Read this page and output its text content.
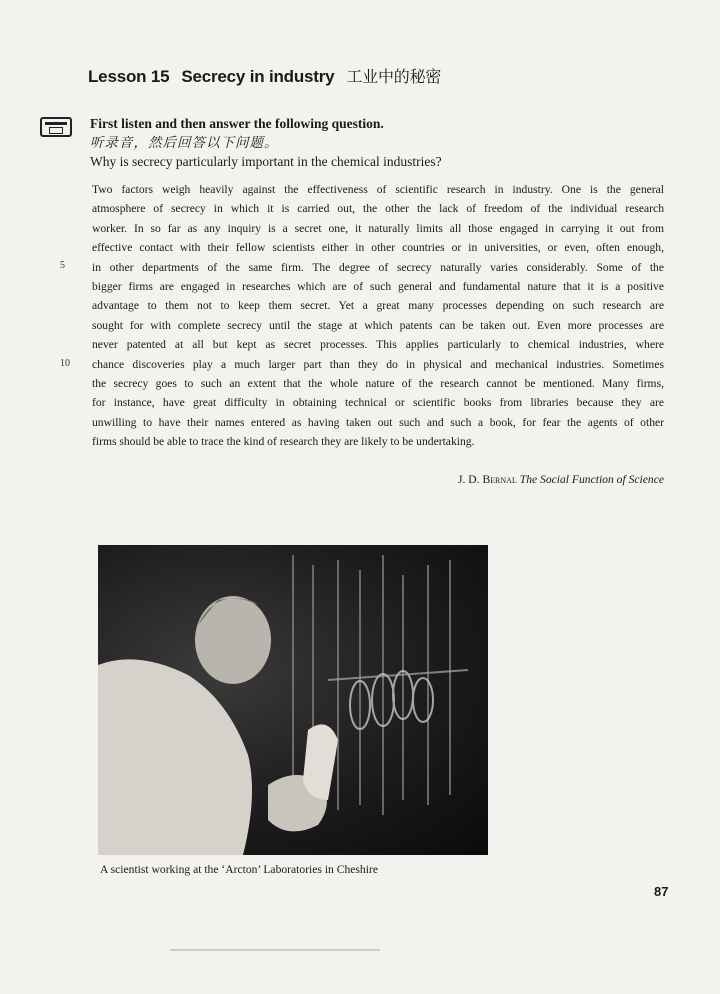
Lesson 15 Secrecy in industry 工业中的秘密
First listen and then answer the following question.
听录音，然后回答以下问题。
Why is secrecy particularly important in the chemical industries?
Two factors weigh heavily against the effectiveness of scientific research in industry. One is the general
atmosphere of secrecy in which it is carried out, the other the lack of freedom of the individual research
worker. In so far as any inquiry is a secret one, it naturally limits all those engaged in carrying it out from
effective contact with their fellow scientists either in other countries or in universities, or even, often enough,
in other departments of the same firm. The degree of secrecy naturally varies considerably. Some of the
bigger firms are engaged in researches which are of such general and fundamental nature that it is a positive
advantage to them not to keep them secret. Yet a great many processes depending on such research are
sought for with complete secrecy until the stage at which patents can be taken out. Even more processes are
never patented at all but kept as secret processes. This applies particularly to chemical industries, where
chance discoveries play a much larger part than they do in physical and mechanical industries. Sometimes
the secrecy goes to such an extent that the whole nature of the research cannot be mentioned. Many firms,
for instance, have great difficulty in obtaining technical or scientific books from libraries because they are
unwilling to have their names entered as having taken out such and such a book, for fear the agents of other
firms should be able to trace the kind of research they are likely to be undertaking.
5
10
J. D. Bernal The Social Function of Science
A scientist working at the ‘Arcton’ Laboratories in Cheshire
87
